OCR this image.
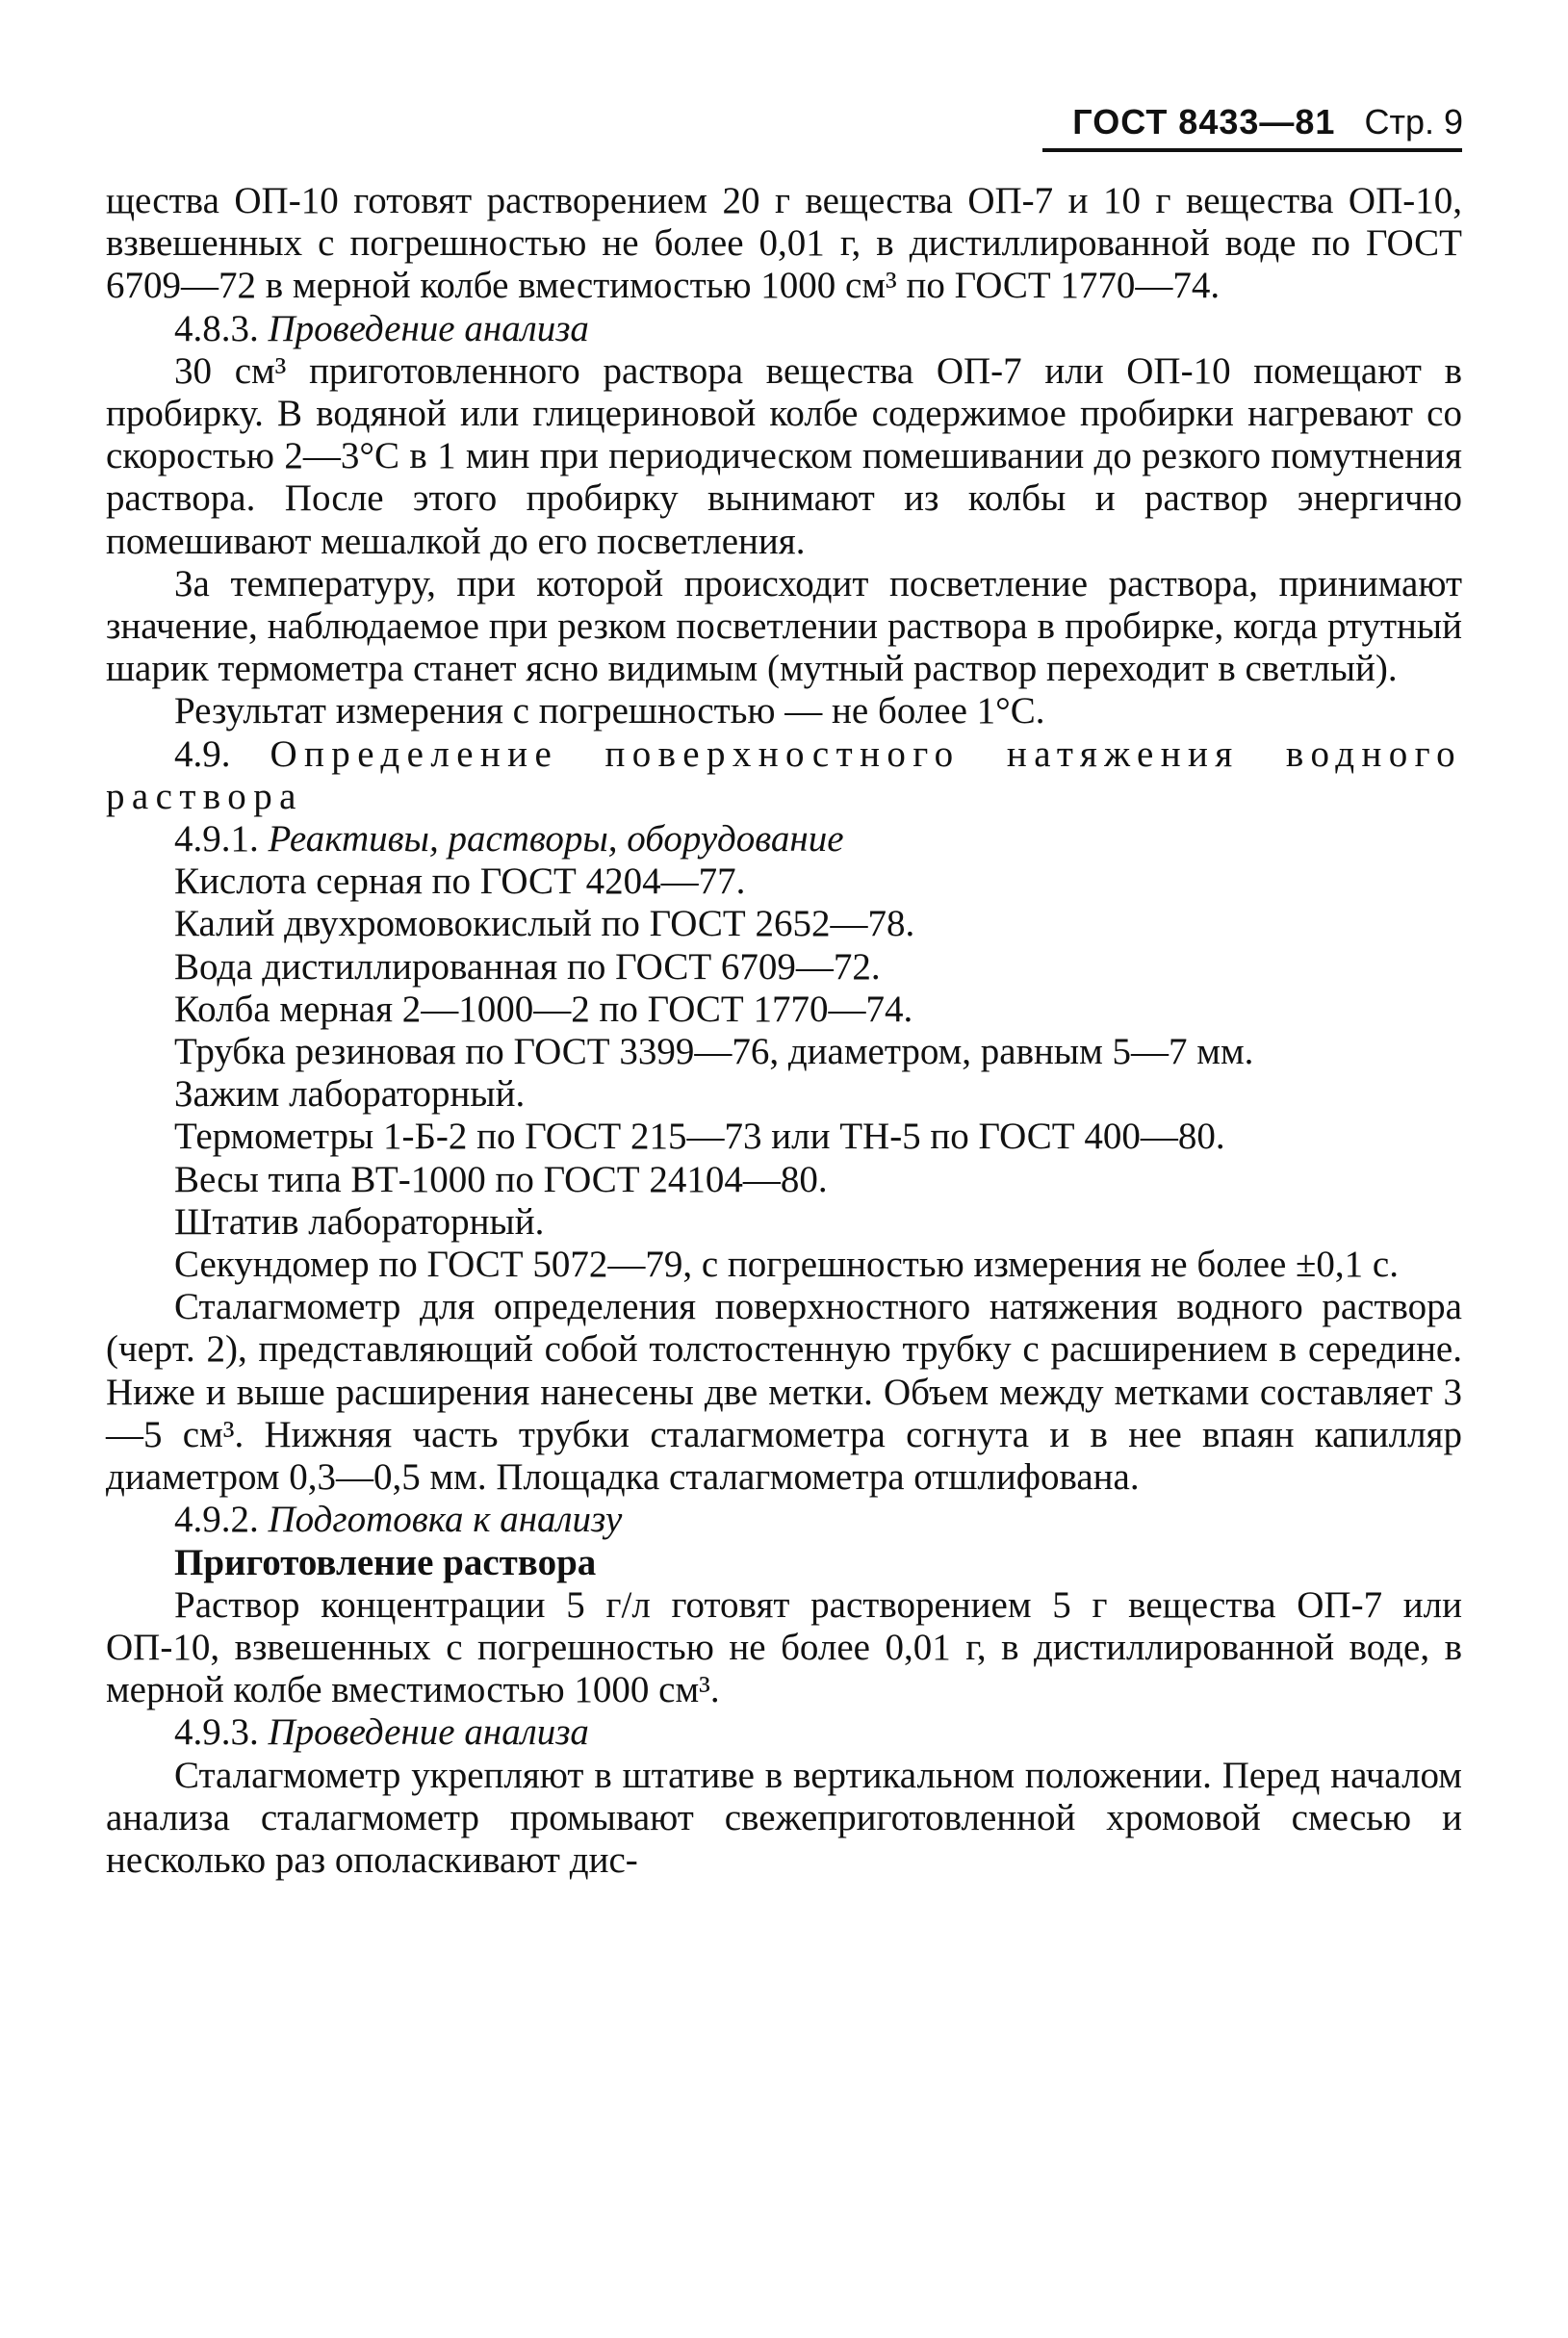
ГОСТ 8433—81 Стр. 9

щества ОП-10 готовят растворением 20 г вещества ОП-7 и 10 г вещества ОП-10, взвешенных с погрешностью не более 0,01 г, в дистиллированной воде по ГОСТ 6709—72 в мерной колбе вместимостью 1000 см³ по ГОСТ 1770—74.

4.8.3. Проведение анализа

30 см³ приготовленного раствора вещества ОП-7 или ОП-10 помещают в пробирку. В водяной или глицериновой колбе содержимое пробирки нагревают со скоростью 2—3°С в 1 мин при периодическом помешивании до резкого помутнения раствора. После этого пробирку вынимают из колбы и раствор энергично помешивают мешалкой до его посветления.

За температуру, при которой происходит посветление раствора, принимают значение, наблюдаемое при резком посветлении раствора в пробирке, когда ртутный шарик термометра станет ясно видимым (мутный раствор переходит в светлый).

Результат измерения с погрешностью — не более 1°С.

4.9. Определение поверхностного натяжения водного раствора

4.9.1. Реактивы, растворы, оборудование

Кислота серная по ГОСТ 4204—77.

Калий двухромовокислый по ГОСТ 2652—78.

Вода дистиллированная по ГОСТ 6709—72.

Колба мерная 2—1000—2 по ГОСТ 1770—74.

Трубка резиновая по ГОСТ 3399—76, диаметром, равным 5—7 мм.

Зажим лабораторный.

Термометры 1-Б-2 по ГОСТ 215—73 или ТН-5 по ГОСТ 400—80.

Весы типа ВТ-1000 по ГОСТ 24104—80.

Штатив лабораторный.

Секундомер по ГОСТ 5072—79, с погрешностью измерения не более ±0,1 с.

Сталагмометр для определения поверхностного натяжения водного раствора (черт. 2), представляющий собой толстостенную трубку с расширением в середине. Ниже и выше расширения нанесены две метки. Объем между метками составляет 3—5 см³. Нижняя часть трубки сталагмометра согнута и в нее впаян капилляр диаметром 0,3—0,5 мм. Площадка сталагмометра отшлифована.

4.9.2. Подготовка к анализу

Приготовление раствора

Раствор концентрации 5 г/л готовят растворением 5 г вещества ОП-7 или ОП-10, взвешенных с погрешностью не более 0,01 г, в дистиллированной воде, в мерной колбе вместимостью 1000 см³.

4.9.3. Проведение анализа

Сталагмометр укрепляют в штативе в вертикальном положении. Перед началом анализа сталагмометр промывают свежеприготовленной хромовой смесью и несколько раз ополаскивают дис-
